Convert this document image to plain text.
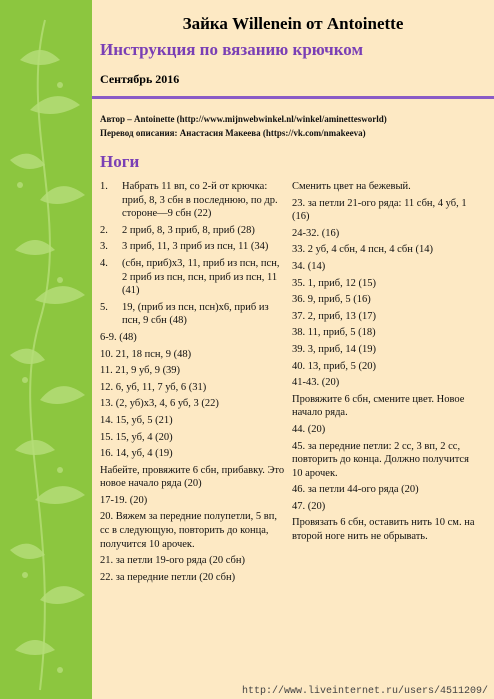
Зайка Willenein от Antoinette
Инструкция по вязанию крючком
Сентябрь 2016
Автор – Antoinette (http://www.mijnwebwinkel.nl/winkel/aminettesworld)
Перевод описания: Анастасия Макеева (https://vk.com/nmakeeva)
Ноги
1.	Набрать 11 вп, со 2-й от крючка: приб, 8, 3 сбн в последнюю, по др. стороне—9 сбн (22)
2.	2 приб, 8, 3 приб, 8, приб (28)
3.	3 приб, 11, 3 приб из псн, 11 (34)
4.	(сбн, приб)х3, 11, приб из псн, псн, 2 приб из псн, псн, приб из псн, 11 (41)
5.	19, (приб из псн, псн)х6, приб из псн, 9 сбн (48)
6-9. (48)
10. 21, 18 псн, 9 (48)
11. 21, 9 уб, 9 (39)
12. 6, уб, 11, 7 уб, 6 (31)
13. (2, уб)х3, 4, 6 уб, 3 (22)
14. 15, уб, 5 (21)
15. 15, уб, 4 (20)
16. 14, уб, 4 (19)
Набейте, провяжите 6 сбн, прибавку. Это новое начало ряда (20)
17-19. (20)
20. Вяжем за передние полупетли, 5 вп, сс в следующую, повторить до конца, получится 10 арочек.
21. за петли 19-ого ряда (20 сбн)
22. за передние петли (20 сбн)
Сменить цвет на бежевый.
23. за петли 21-ого ряда: 11 сбн, 4 уб, 1 (16)
24-32. (16)
33. 2 уб, 4 сбн, 4 псн, 4 сбн (14)
34. (14)
35. 1, приб, 12 (15)
36. 9, приб, 5 (16)
37. 2, приб, 13 (17)
38. 11, приб, 5 (18)
39. 3, приб, 14 (19)
40. 13, приб, 5 (20)
41-43. (20)
Провяжите 6 сбн, смените цвет. Новое начало ряда.
44. (20)
45. за передние петли: 2 сс, 3 вп, 2 сс, повторить до конца. Должно получится 10 арочек.
46. за петли 44-ого ряда (20)
47. (20)
Провязать 6 сбн, оставить нить 10 см. на второй ноге нить не обрывать.
http://www.liveinternet.ru/users/4511209/
